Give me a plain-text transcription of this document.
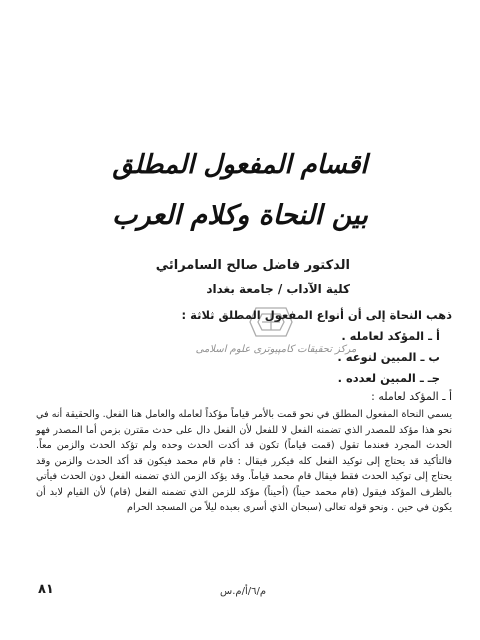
اقسام المفعول المطلق
بين النحاة وكلام العرب
الدكتور فاضل صالح السامرائي
كلية الآداب / جامعة بغداد
مركز تحقيقات كامپيوتری علوم اسلامی
ذهب النحاة إلى أن أنواع المفعول المطلق ثلاثة :
أ ـ المؤكد لعامله .
ب ـ المبين لنوعه .
جـ ـ المبين لعدده .
أ ـ المؤكد لعامله :

يسمي النحاة المفعول المطلق في نحو قمت بالأمر قياماً مؤكداً لعامله والعامل هنا الفعل. والحقيقة أنه في نحو هذا مؤكد للمصدر الذي تضمنه الفعل لا للفعل لأن الفعل دال على حدث مقترن بزمن أما المصدر فهو الحدث المجرد فعندما تقول (قمت قياماً) تكون قد أكدت الحدث وحده ولم تؤكد الحدث والزمن معاً. فالتأكيد قد يحتاج إلى توكيد الفعل كله فيكرر فيقال : قام قام محمد فيكون قد أكد الحدث والزمن وقد يحتاج إلى توكيد الحدث فقط فيقال قام محمد قياماً. وقد يؤكد الزمن الذي تضمنه الفعل دون الحدث فيأتي بالظرف المؤكد فيقول (قام محمد حيناً) (أحيناً) مؤكد للزمن الذي تضمنه الفعل (قام) لأن القيام لابد أن يكون في حين . ونحو قوله تعالى (سبحان الذي أسرى بعبده ليلاً من المسجد الحرام

٨١	م/٦/أ/م.س
